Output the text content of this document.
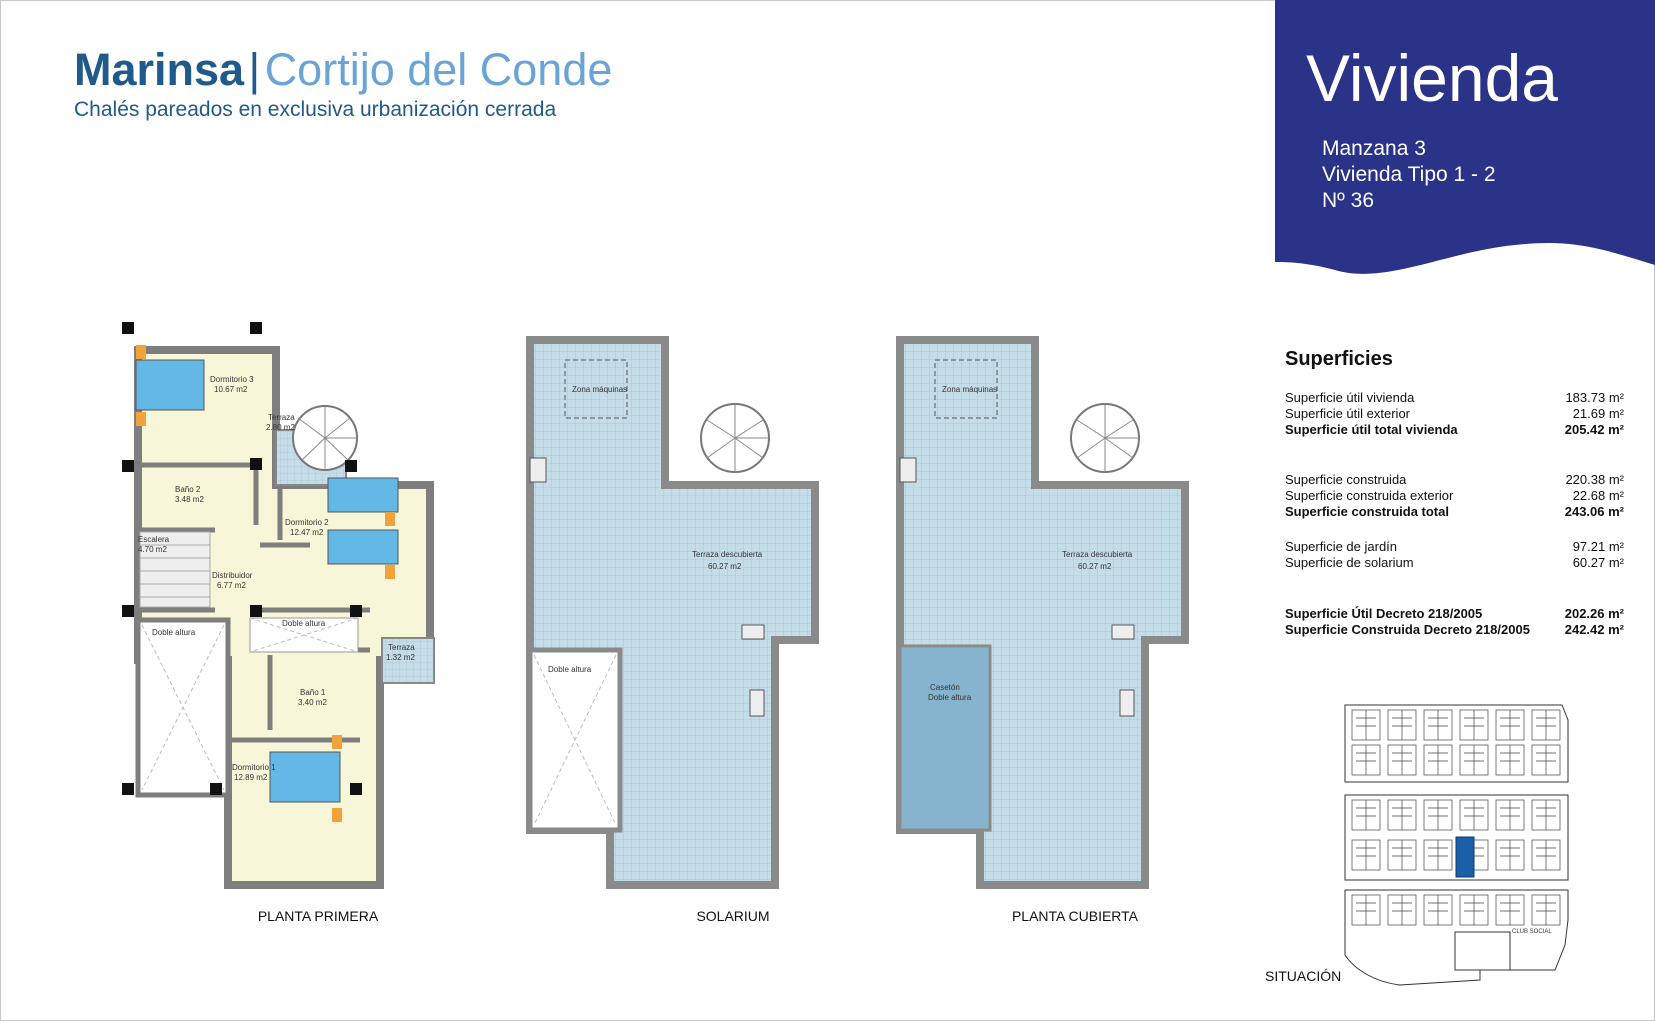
Marinsa | Cortijo del Conde
Chalés pareados en exclusiva urbanización cerrada	Vivienda
Manzana 3
Vivienda Tipo 1 - 2
Nº 36
Superficies
Superficie útil vivienda	183.73 m²
Superficie útil exterior	21.69 m²
Superficie útil total vivienda	205.42 m²
Superficie construida	220.38 m²
Superficie construida exterior	22.68 m²
Superficie construida total	243.06 m²
Superficie de jardín	97.21 m²
Superficie de solarium	60.27 m²
Superficie Útil Decreto 218/2005	202.26 m²
Superficie Construida Decreto 218/2005	242.42 m²
Dormitorio 3
10.67 m2
Terraza
2.80 m2
Baño 2
3.48 m2
Dormitorio 2
12.47 m2
Escalera
4.70 m2
Distribuidor
6.77 m2
Doble altura
Doble altura
Terraza
1.32 m2
Baño 1
3.40 m2
Dormitorio 1
12.89 m2
PLANTA PRIMERA
Zona máquinas
Terraza descubierta
60.27 m2
Doble altura
SOLARIUM
Zona máquinas
Terraza descubierta
60.27 m2
Casetón
Doble altura
PLANTA CUBIERTA
CLUB SOCIAL
SITUACIÓN
